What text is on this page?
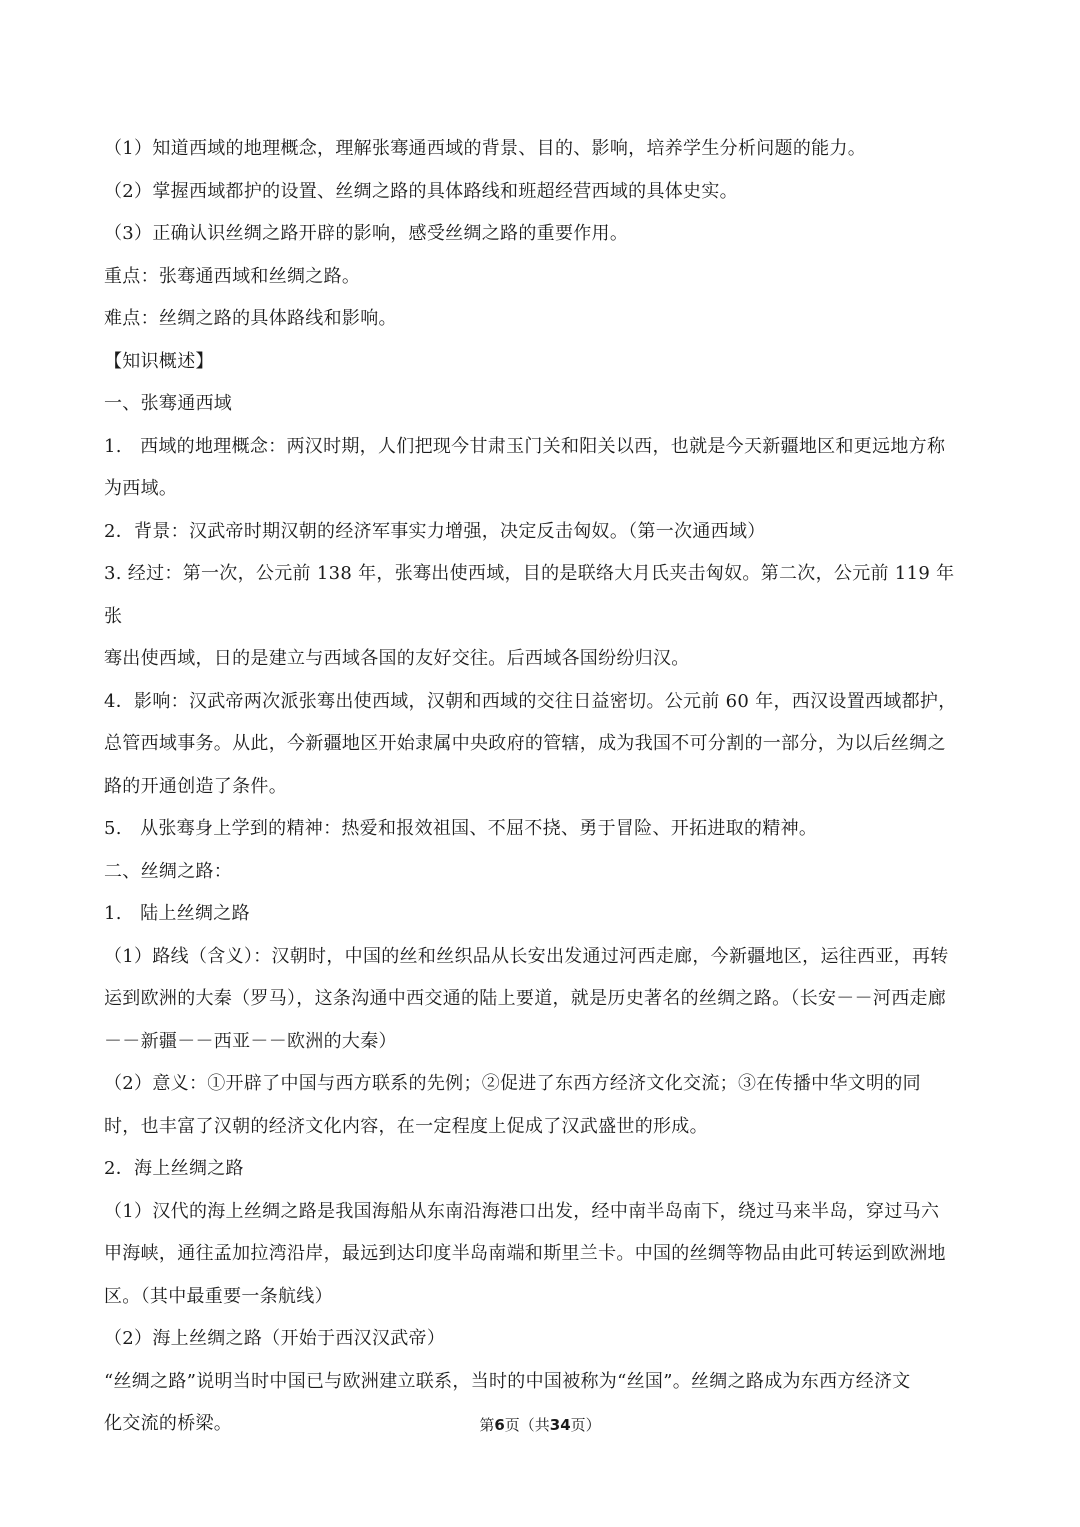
（1）知道西域的地理概念，理解张骞通西域的背景、目的、影响，培养学生分析问题的能力。

（2）掌握西域都护的设置、丝绸之路的具体路线和班超经营西域的具体史实。

（3）正确认识丝绸之路开辟的影响，感受丝绸之路的重要作用。

重点：张骞通西域和丝绸之路。

难点：丝绸之路的具体路线和影响。

【知识概述】

一、张骞通西域

1.　西域的地理概念：两汉时期，人们把现今甘肃玉门关和阳关以西，也就是今天新疆地区和更远地方称

为西域。

2．背景：汉武帝时期汉朝的经济军事实力增强，决定反击匈奴。（第一次通西域）

3. 经过：第一次，公元前 138 年，张骞出使西域，目的是联络大月氏夹击匈奴。第二次，公元前 119 年　张

骞出使西域，日的是建立与西域各国的友好交往。后西域各国纷纷归汉。

4．影响：汉武帝两次派张骞出使西域，汉朝和西域的交往日益密切。公元前 60 年，西汉设置西域都护，

总管西域事务。从此，今新疆地区开始隶属中央政府的管辖，成为我国不可分割的一部分，为以后丝绸之

路的开通创造了条件。

5.　从张骞身上学到的精神：热爱和报效祖国、不屈不挠、勇于冒险、开拓进取的精神。

二、丝绸之路：

1.　陆上丝绸之路

（1）路线（含义）：汉朝时，中国的丝和丝织品从长安出发通过河西走廊，今新疆地区，运往西亚，再转

运到欧洲的大秦（罗马），这条沟通中西交通的陆上要道，就是历史著名的丝绸之路。（长安－－河西走廊

－－新疆－－西亚－－欧洲的大秦）

（2）意义：①开辟了中国与西方联系的先例；②促进了东西方经济文化交流；③在传播中华文明的同

时，也丰富了汉朝的经济文化内容，在一定程度上促成了汉武盛世的形成。

2．海上丝绸之路

（1）汉代的海上丝绸之路是我国海船从东南沿海港口出发，经中南半岛南下，绕过马来半岛，穿过马六

甲海峡，通往孟加拉湾沿岸，最远到达印度半岛南端和斯里兰卡。中国的丝绸等物品由此可转运到欧洲地

区。（其中最重要一条航线）

（2）海上丝绸之路（开始于西汉汉武帝）

“丝绸之路”说明当时中国已与欧洲建立联系，当时的中国被称为“丝国”。丝绸之路成为东西方经济文

化交流的桥梁。	第6页（共34页）
